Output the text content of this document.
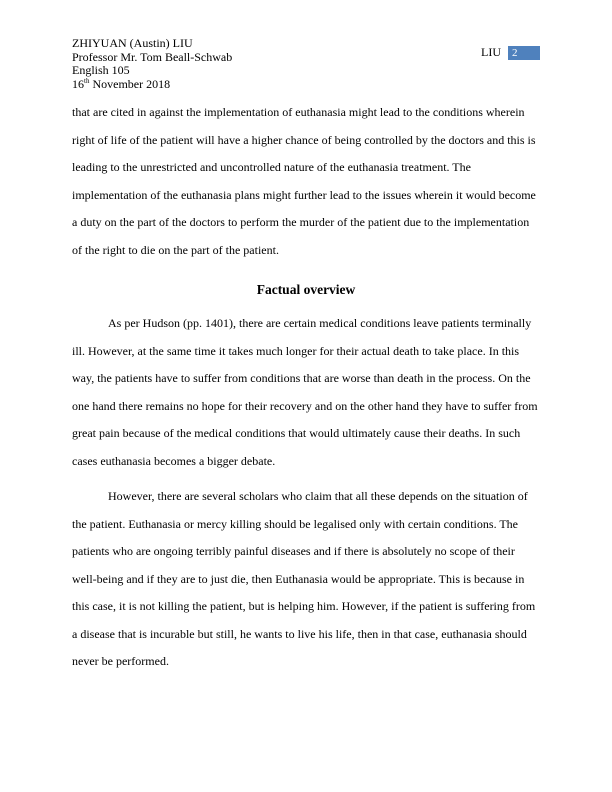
ZHIYUAN (Austin) LIU
Professor Mr. Tom Beall-Schwab
English 105
16th November 2018
LIU	2

that are cited in against the implementation of euthanasia might lead to the conditions wherein right of life of the patient will have a higher chance of being controlled by the doctors and this is leading to the unrestricted and uncontrolled nature of the euthanasia treatment. The implementation of the euthanasia plans might further lead to the issues wherein it would become a duty on the part of the doctors to perform the murder of the patient due to the implementation of the right to die on the part of the patient.

Factual overview

As per Hudson (pp. 1401), there are certain medical conditions leave patients terminally ill. However, at the same time it takes much longer for their actual death to take place. In this way, the patients have to suffer from conditions that are worse than death in the process. On the one hand there remains no hope for their recovery and on the other hand they have to suffer from great pain because of the medical conditions that would ultimately cause their deaths. In such cases euthanasia becomes a bigger debate.

However, there are several scholars who claim that all these depends on the situation of the patient. Euthanasia or mercy killing should be legalised only with certain conditions. The patients who are ongoing terribly painful diseases and if there is absolutely no scope of their well-being and if they are to just die, then Euthanasia would be appropriate. This is because in this case, it is not killing the patient, but is helping him. However, if the patient is suffering from a disease that is incurable but still, he wants to live his life, then in that case, euthanasia should never be performed.
